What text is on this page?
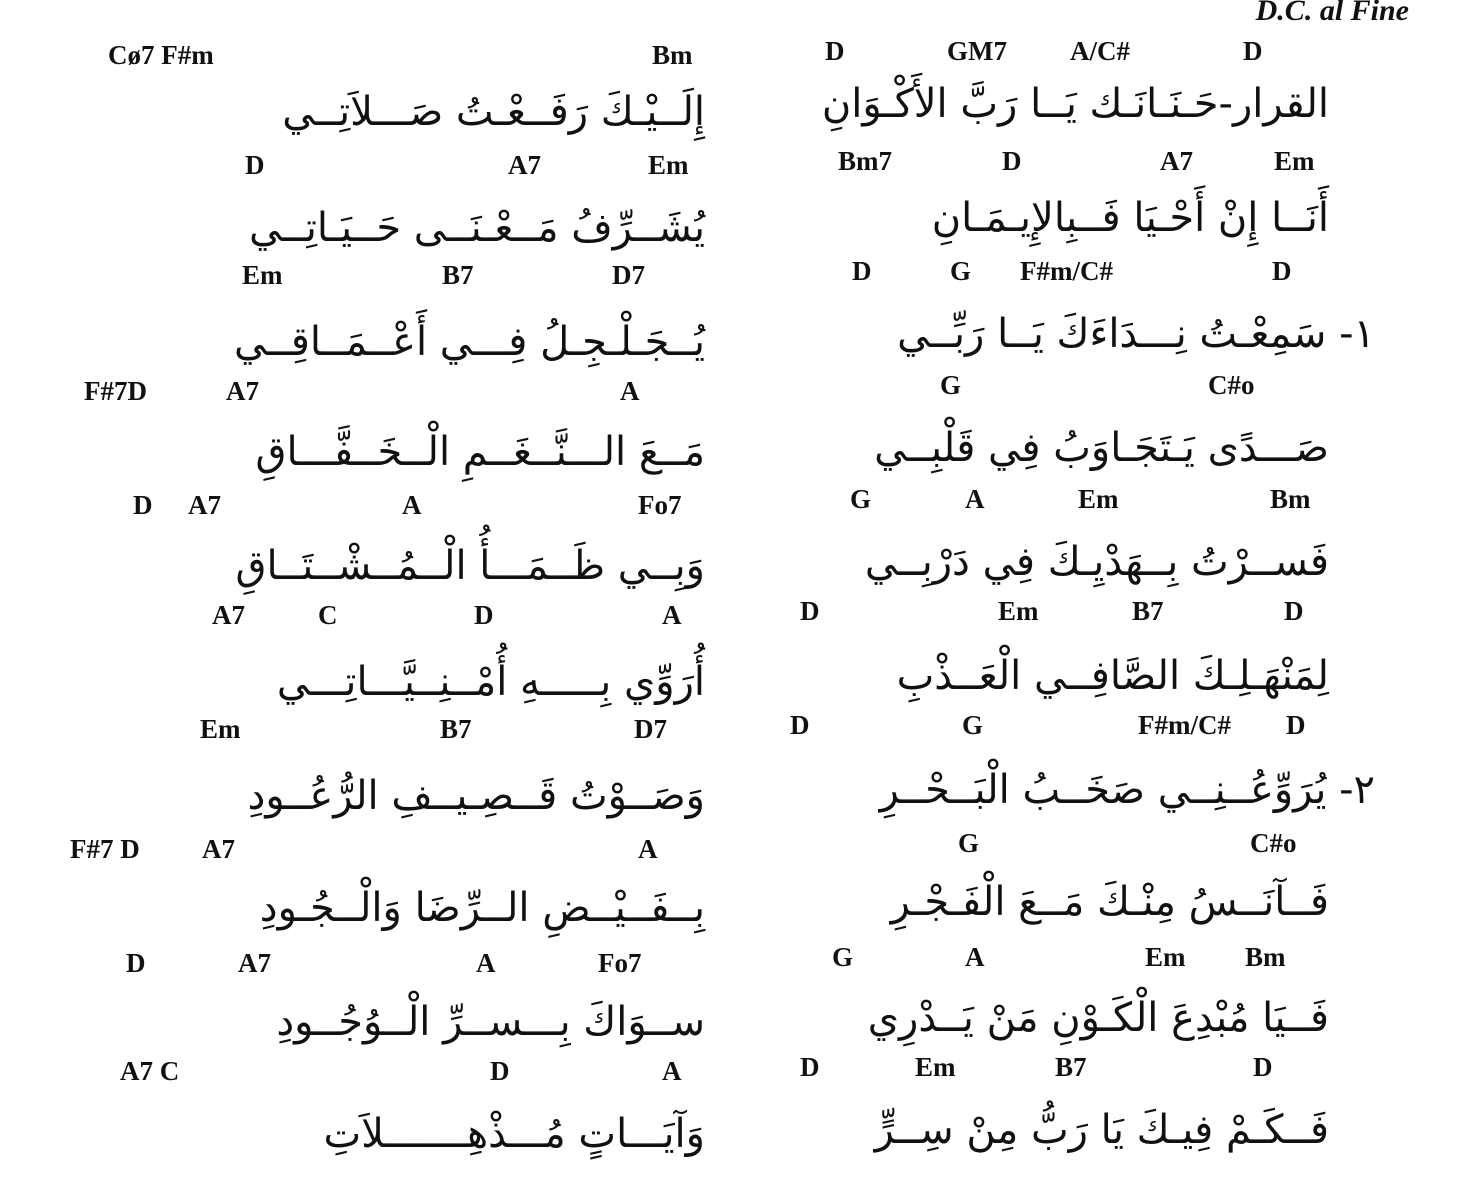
D.C. al Fine
D	GM7 A/C#	D
القرار-حَـنَـانَـك يَــا رَبَّ الأَكْـوَانِ
Bm7	D	A7	Em
أَنَــا إِنْ أَحْـيَا فَــبِالإِيـمَـانِ
D	G F#m/C#	D
١- سَمِعْـتُ نِـــدَاءَكَ يَــا رَبِّــي
G	C#o
صَـــدًى يَـتَجَـاوَبُ فِي قَلْبِــي
G	A	Em	Bm
فَســرْتُ بِــهَدْيِـكَ فِي دَرْبِــي
D	Em	B7	D
لِمَنْهَـلِـكَ الصَّافِــي الْعَــذْبِ
D	G	F#m/C# D
٢- يُرَوِّعُــنِــي صَخَــبُ الْبَــحْــرِ
G	C#o
فَــآنَــسُ مِنْـكَ مَــعَ الْفَـجْـرِ
G	A	Em Bm
فَــيَا مُبْدِعَ الْكَـوْنِ مَنْ يَــدْرِي
D	Em	B7	D
فَــكَـمْ فِيـكَ يَا رَبُّ مِنْ سِــرٍّ
Cø7 F#m	Bm
إِلَــيْـكَ رَفَــعْـتُ صَـــلاَتِــي
D	A7	Em
يُشَــرِّفُ مَــعْـنَــى حَــيَـاتِــي
Em	B7	D7
يُــجَـلْـجِـلُ فِـــي أَعْــمَــاقِــي
F#7D	A7	A
مَــعَ الـــنَّــغَــمِ الْــخَــفَّـــاقِ
D A7	A	Fo7
وَبِــي ظَــمَـــأُ الْــمُــشْــتَــاقِ
A7	C	D	A
أُرَوِّي بِـــــهِ أُمْــنِــيَّـــاتِـــي
Em	B7	D7
وَصَــوْتُ قَــصِـيــفِ الرُّعُــودِ
F#7 D A7	A
بِــفَــيْــضِ الــرِّضَا وَالْــجُـودِ
D	A7	A	Fo7
ســوَاكَ بِـــســرِّ الْــوُجُــودِ
A7 C	D	A
وَآيَـــاتٍ مُـــذْهِـــــــلاَتِ
